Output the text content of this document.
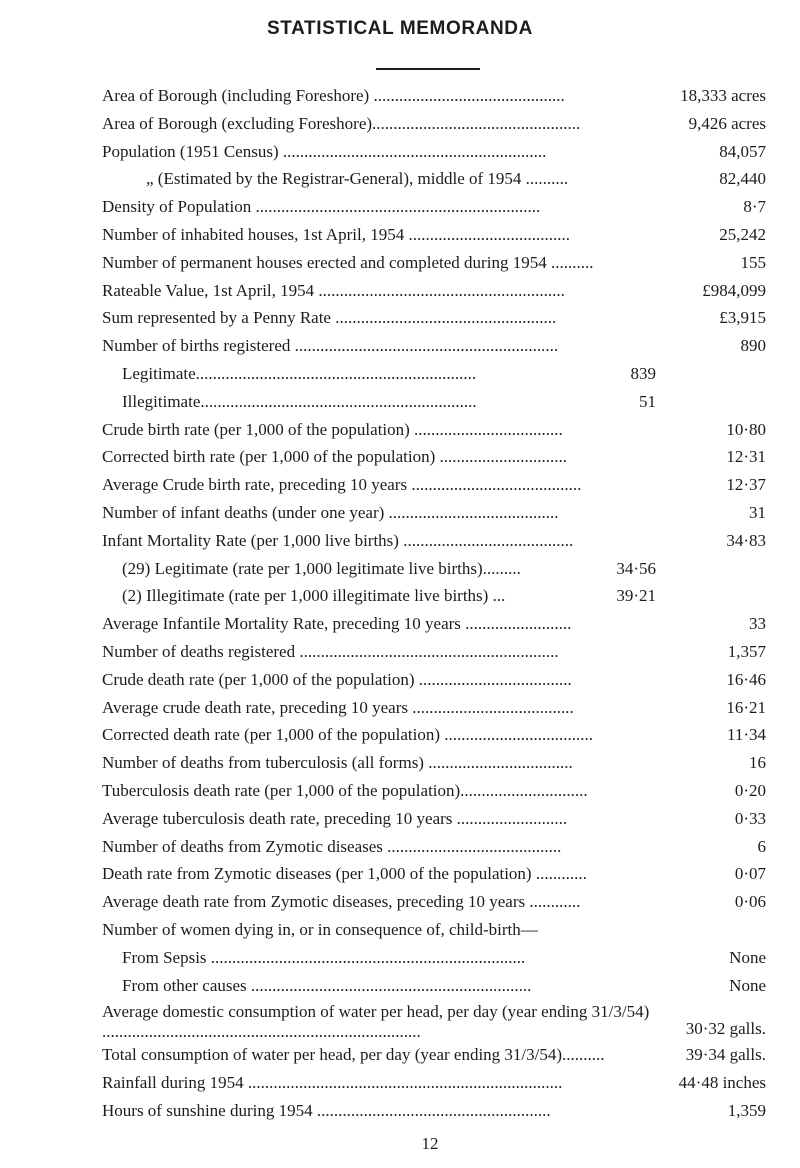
STATISTICAL MEMORANDA
Area of Borough (including Foreshore) .............................................	18,333 acres
Area of Borough (excluding Foreshore).................................................	9,426 acres
Population (1951 Census) ..............................................................	84,057
„ (Estimated by the Registrar-General), middle of 1954 ..........	82,440
Density of Population ...................................................................	8·7
Number of inhabited houses, 1st April, 1954 ......................................	25,242
Number of permanent houses erected and completed during 1954 ..........	155
Rateable Value, 1st April, 1954 ..........................................................	£984,099
Sum represented by a Penny Rate ....................................................	£3,915
Number of births registered ..............................................................	890
Legitimate..................................................................	839
Illegitimate.................................................................	51
Crude birth rate (per 1,000 of the population) ...................................	10·80
Corrected birth rate (per 1,000 of the population) ..............................	12·31
Average Crude birth rate, preceding 10 years ........................................	12·37
Number of infant deaths (under one year) ........................................	31
Infant Mortality Rate (per 1,000 live births) ........................................	34·83
(29) Legitimate (rate per 1,000 legitimate live births).........	34·56
(2) Illegitimate (rate per 1,000 illegitimate live births) ...	39·21
Average Infantile Mortality Rate, preceding 10 years .........................	33
Number of deaths registered .............................................................	1,357
Crude death rate (per 1,000 of the population) ....................................	16·46
Average crude death rate, preceding 10 years ......................................	16·21
Corrected death rate (per 1,000 of the population) ...................................	11·34
Number of deaths from tuberculosis (all forms) ..................................	16
Tuberculosis death rate (per 1,000 of the population)..............................	0·20
Average tuberculosis death rate, preceding 10 years ..........................	0·33
Number of deaths from Zymotic diseases .........................................	6
Death rate from Zymotic diseases (per 1,000 of the population) ............	0·07
Average death rate from Zymotic diseases, preceding 10 years ............	0·06
Number of women dying in, or in consequence of, child-birth—
From Sepsis ..........................................................................	None
From other causes ..................................................................	None
Average domestic consumption of water per head, per day (year ending 31/3/54) ...........................................................................	30·32 galls.
Total consumption of water per head, per day (year ending 31/3/54)..........	39·34 galls.
Rainfall during 1954 ..........................................................................	44·48 inches
Hours of sunshine during 1954 .......................................................	1,359
12
